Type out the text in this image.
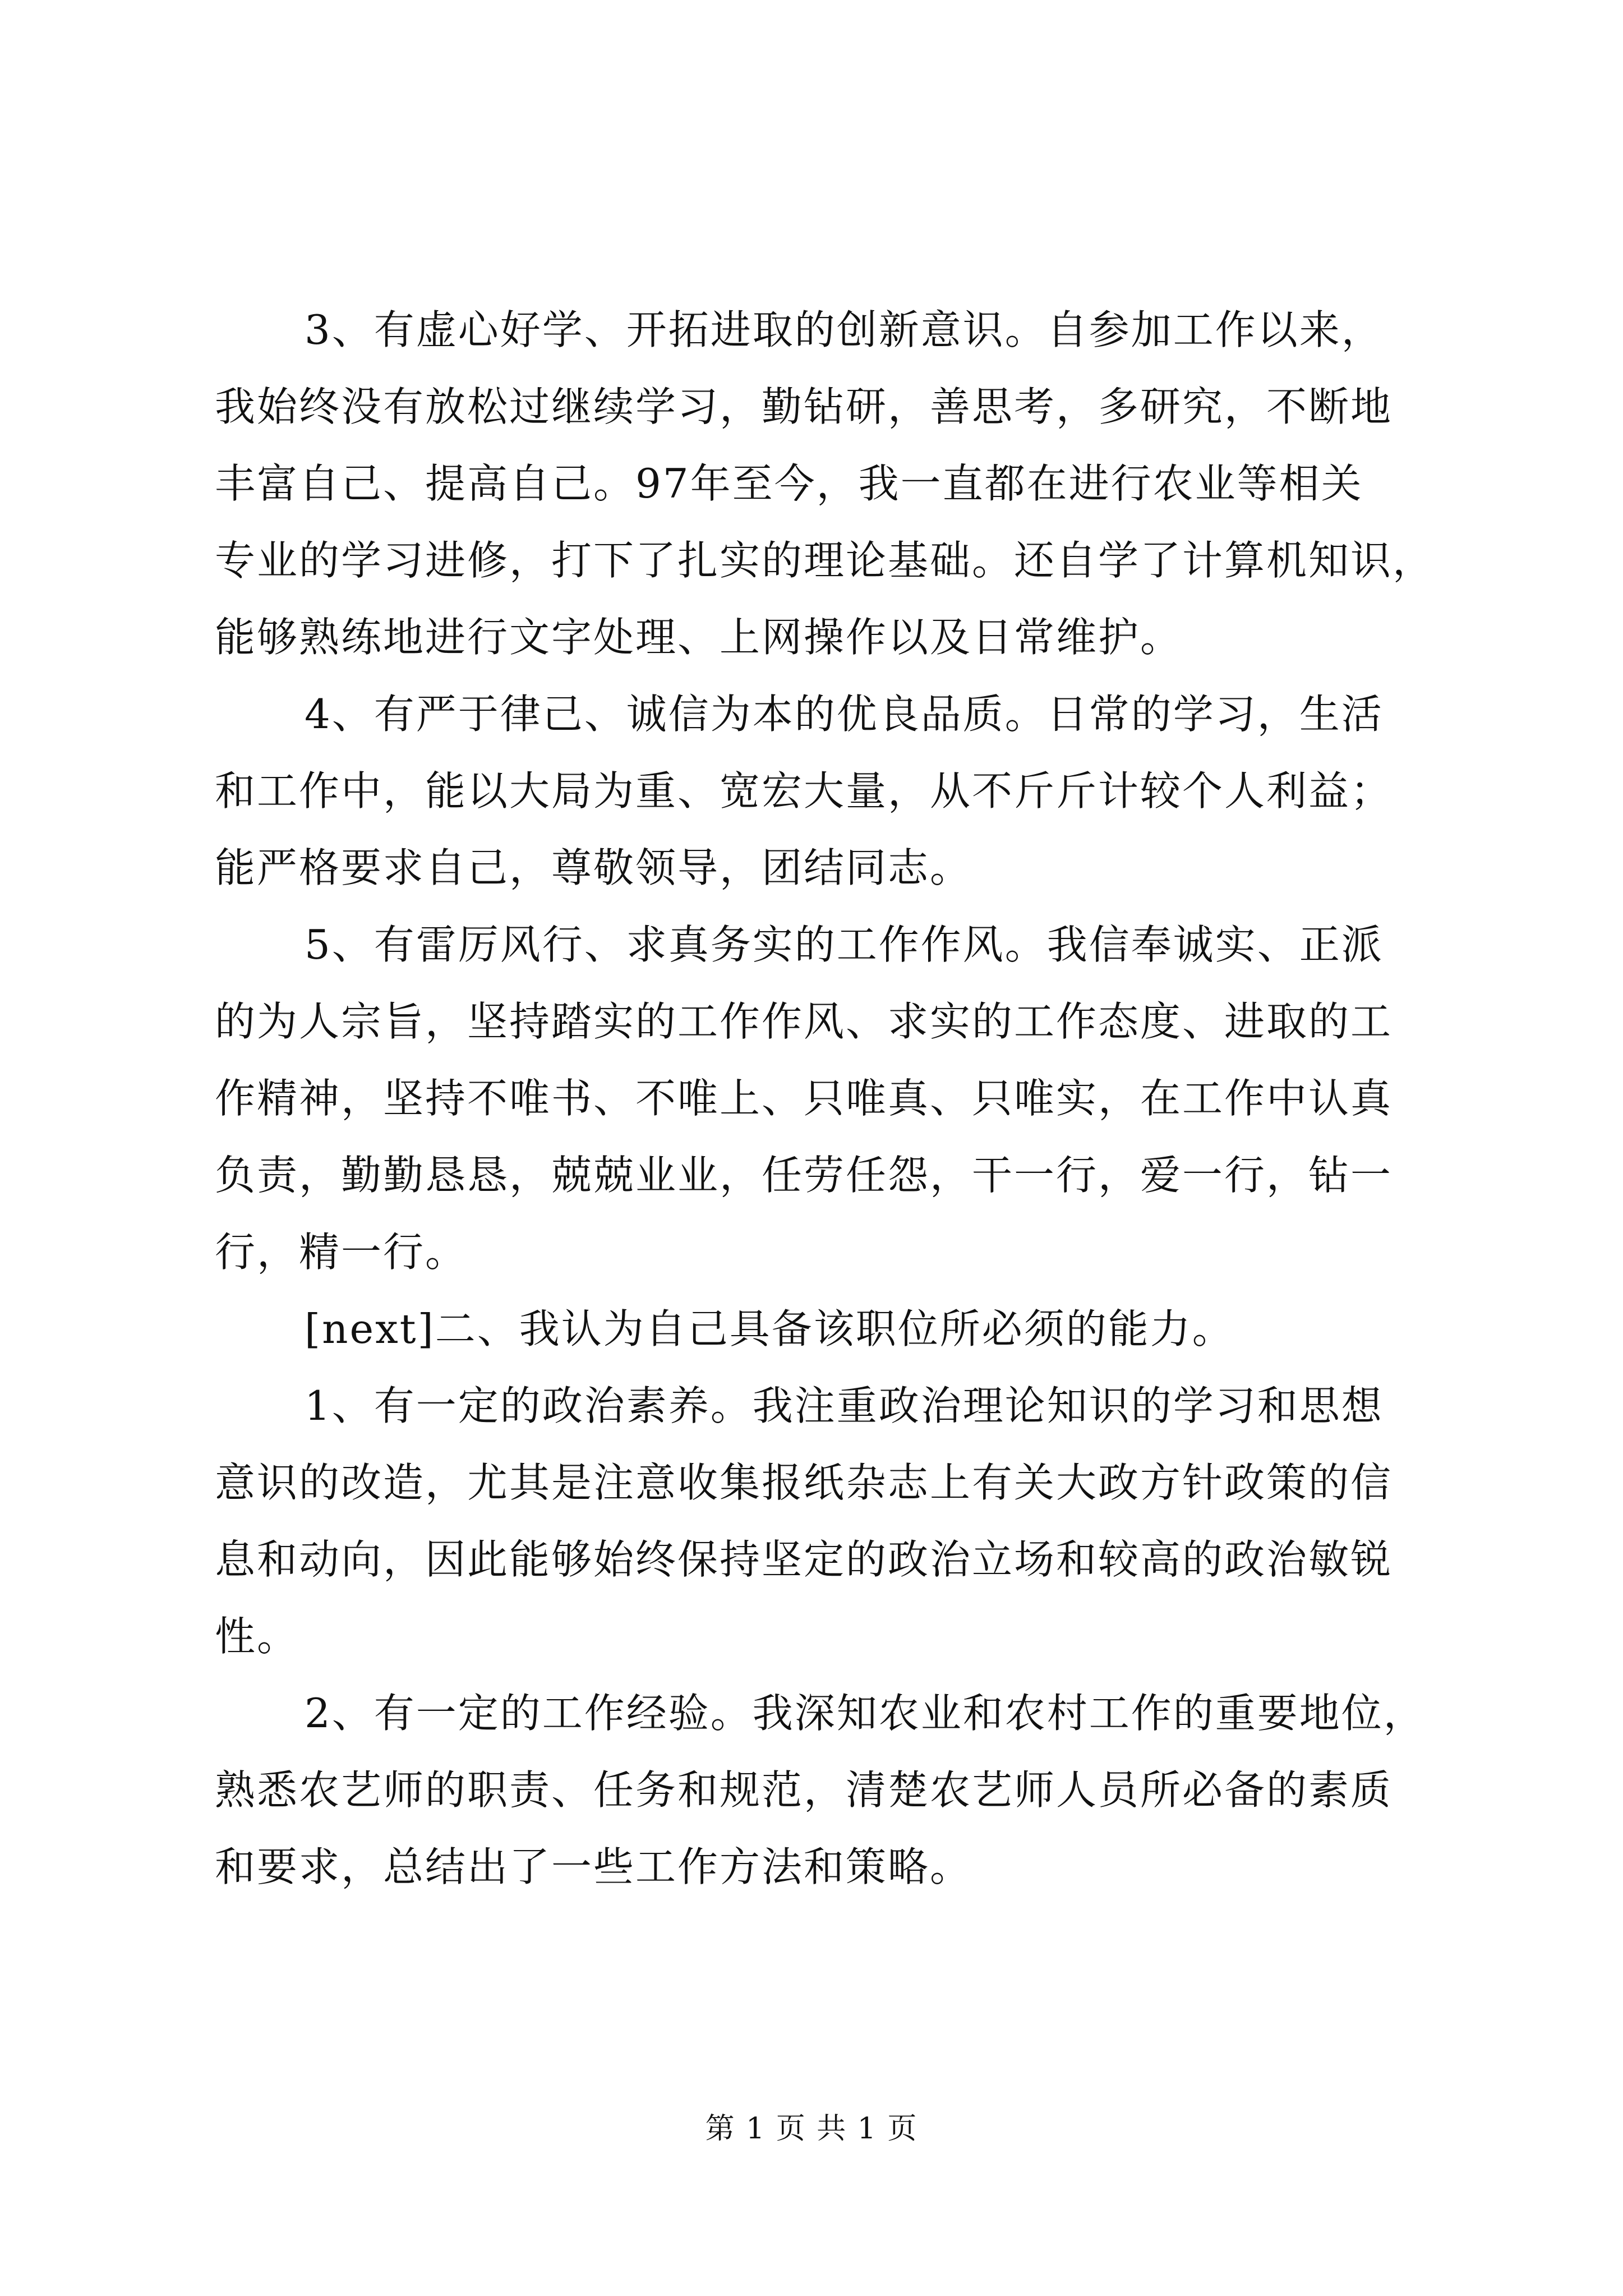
3、有虚心好学、开拓进取的创新意识。自参加工作以来，
我始终没有放松过继续学习，勤钻研，善思考，多研究，不断地
丰富自己、提高自己。97年至今，我一直都在进行农业等相关
专业的学习进修，打下了扎实的理论基础。还自学了计算机知识，
能够熟练地进行文字处理、上网操作以及日常维护。

4、有严于律己、诚信为本的优良品质。日常的学习，生活
和工作中，能以大局为重、宽宏大量，从不斤斤计较个人利益；
能严格要求自己，尊敬领导，团结同志。

5、有雷厉风行、求真务实的工作作风。我信奉诚实、正派
的为人宗旨，坚持踏实的工作作风、求实的工作态度、进取的工
作精神，坚持不唯书、不唯上、只唯真、只唯实，在工作中认真
负责，勤勤恳恳，兢兢业业，任劳任怨，干一行，爱一行，钻一
行，精一行。

[next]二、我认为自己具备该职位所必须的能力。

1、有一定的政治素养。我注重政治理论知识的学习和思想
意识的改造，尤其是注意收集报纸杂志上有关大政方针政策的信
息和动向，因此能够始终保持坚定的政治立场和较高的政治敏锐
性。

2、有一定的工作经验。我深知农业和农村工作的重要地位，
熟悉农艺师的职责、任务和规范，清楚农艺师人员所必备的素质
和要求，总结出了一些工作方法和策略。

第 1 页 共 1 页
